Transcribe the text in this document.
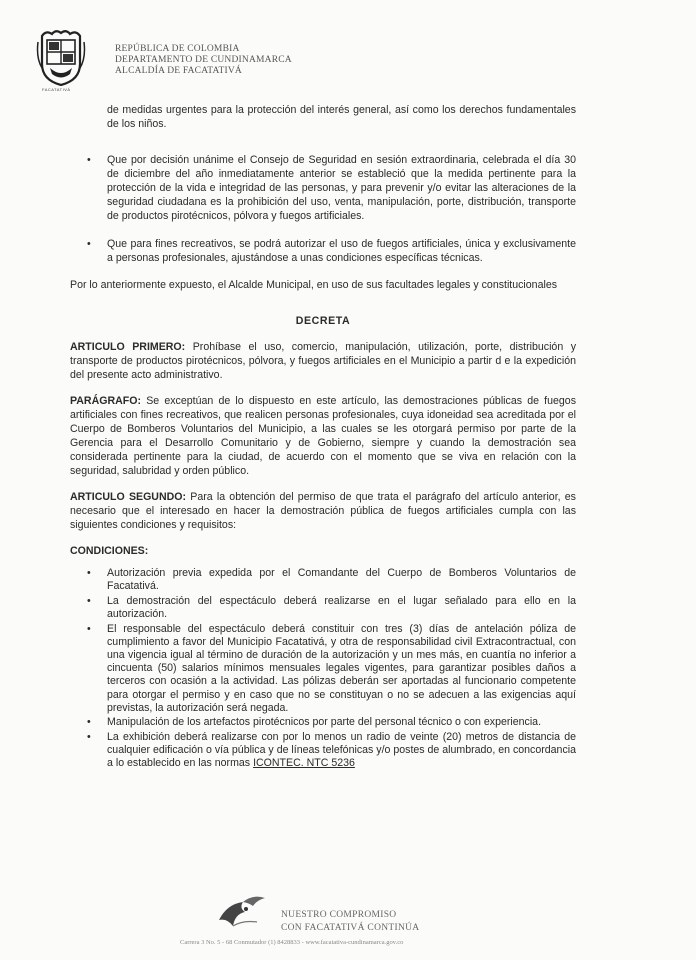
FACATATIVÁ
REPÚBLICA DE COLOMBIA
DEPARTAMENTO DE CUNDINAMARCA
ALCALDÍA DE FACATATIVÁ
de medidas urgentes para la protección del interés general, así como los derechos fundamentales de los niños.
• Que por decisión unánime el Consejo de Seguridad en sesión extraordinaria, celebrada el día 30 de diciembre del año inmediatamente anterior se estableció que la medida pertinente para la protección de la vida e integridad de las personas, y para prevenir y/o evitar las alteraciones de la seguridad ciudadana es la prohibición del uso, venta, manipulación, porte, distribución, transporte de productos pirotécnicos, pólvora y fuegos artificiales.
• Que para fines recreativos, se podrá autorizar el uso de fuegos artificiales, única y exclusivamente a personas profesionales, ajustándose a unas condiciones específicas técnicas.

Por lo anteriormente expuesto, el Alcalde Municipal, en uso de sus facultades legales y constitucionales

DECRETA

ARTICULO PRIMERO: Prohíbase el uso, comercio, manipulación, utilización, porte, distribución y transporte de productos pirotécnicos, pólvora, y fuegos artificiales en el Municipio a partir d e la expedición del presente acto administrativo.

PARÁGRAFO: Se exceptúan de lo dispuesto en este artículo, las demostraciones públicas de fuegos artificiales con fines recreativos, que realicen personas profesionales, cuya idoneidad sea acreditada por el Cuerpo de Bomberos Voluntarios del Municipio, a las cuales se les otorgará permiso por parte de la Gerencia para el Desarrollo Comunitario y de Gobierno, siempre y cuando la demostración sea considerada pertinente para la ciudad, de acuerdo con el momento que se viva en relación con la seguridad, salubridad y orden público.

ARTICULO SEGUNDO: Para la obtención del permiso de que trata el parágrafo del artículo anterior, es necesario que el interesado en hacer la demostración pública de fuegos artificiales cumpla con las siguientes condiciones y requisitos:

CONDICIONES:
• Autorización previa expedida por el Comandante del Cuerpo de Bomberos Voluntarios de Facatativá.
• La demostración del espectáculo deberá realizarse en el lugar señalado para ello en la autorización.
• El responsable del espectáculo deberá constituir con tres (3) días de antelación póliza de cumplimiento a favor del Municipio Facatativá, y otra de responsabilidad civil Extracontractual, con una vigencia igual al término de duración de la autorización y un mes más, en cuantía no inferior a cincuenta (50) salarios mínimos mensuales legales vigentes, para garantizar posibles daños a terceros con ocasión a la actividad. Las pólizas deberán ser aportadas al funcionario competente para otorgar el permiso y en caso que no se constituyan o no se adecuen a las exigencias aquí previstas, la autorización será negada.
• Manipulación de los artefactos pirotécnicos por parte del personal técnico o con experiencia.
• La exhibición deberá realizarse con por lo menos un radio de veinte (20) metros de distancia de cualquier edificación o vía pública y de líneas telefónicas y/o postes de alumbrado, en concordancia a lo establecido en las normas ICONTEC. NTC 5236
NUESTRO COMPROMISO
CON FACATATIVÁ CONTINÚA
Carrera 3 No. 5 - 68 Conmutador (1) 8428833 - www.facatativa-cundinamarca.gov.co
